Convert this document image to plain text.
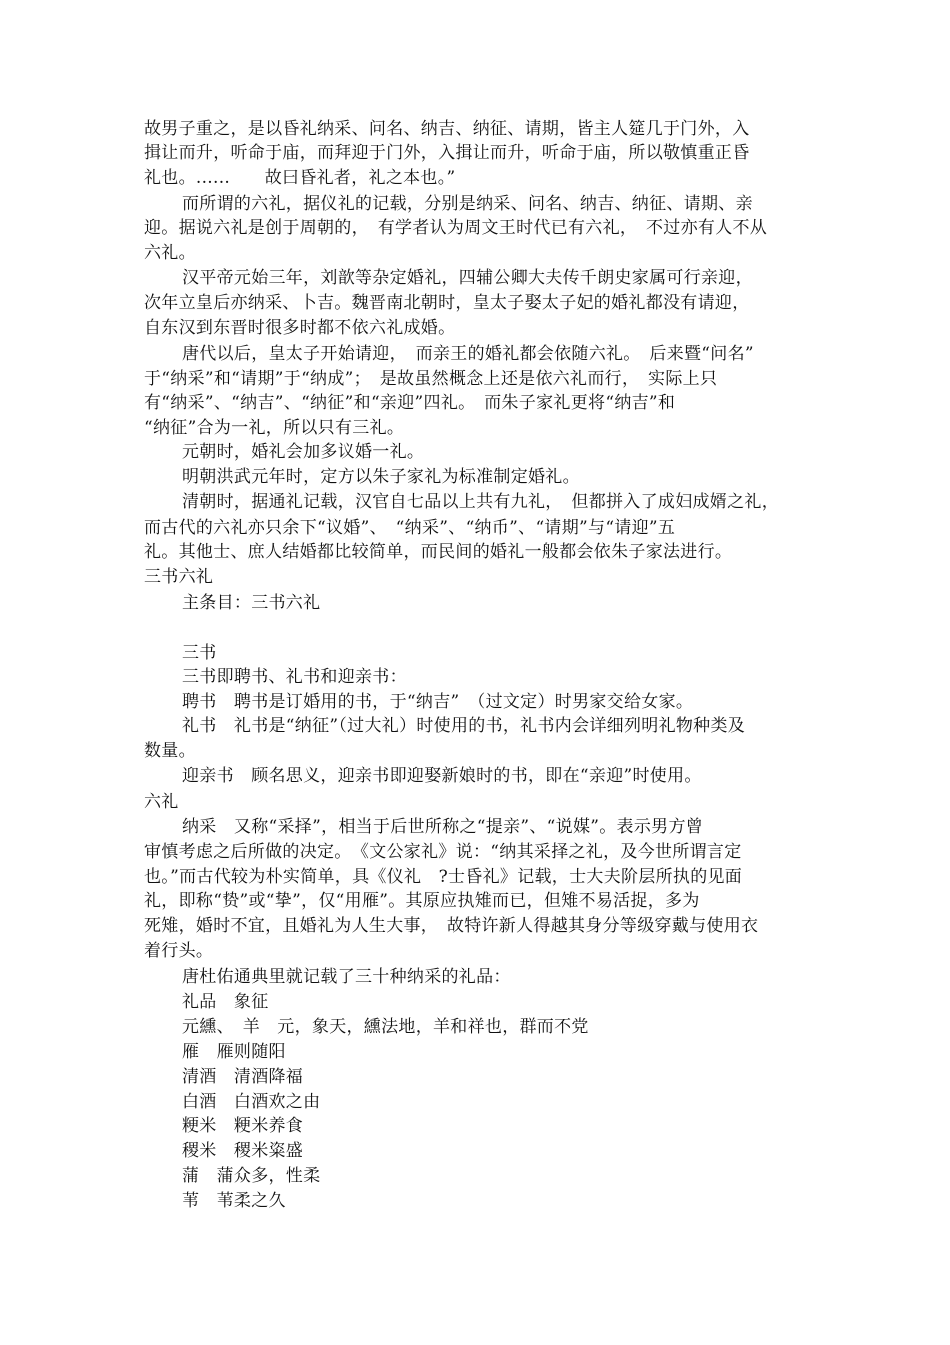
故男子重之，是以昏礼纳采、问名、纳吉、纳征、请期，皆主人筵几于门外，入
揖让而升，听命于庙，而拜迎于门外，入揖让而升，听命于庙，所以敬慎重正昏
礼也。......　　故曰昏礼者，礼之本也。”
而所谓的六礼，据仪礼的记载，分别是纳采、问名、纳吉、纳征、请期、亲
迎。据说六礼是创于周朝的，　有学者认为周文王时代已有六礼，　不过亦有人不从
六礼。
汉平帝元始三年，刘歆等杂定婚礼，四辅公卿大夫传千朗史家属可行亲迎，
次年立皇后亦纳采、卜吉。魏晋南北朝时，皇太子娶太子妃的婚礼都没有请迎，
自东汉到东晋时很多时都不依六礼成婚。
唐代以后，皇太子开始请迎，　而亲王的婚礼都会依随六礼。　后来暨“问名”
于“纳采”和“请期”于“纳成”；　是故虽然概念上还是依六礼而行，　实际上只
有“纳采”、“纳吉”、“纳征”和“亲迎”四礼。　而朱子家礼更将“纳吉”和
“纳征”合为一礼，所以只有三礼。
元朝时，婚礼会加多议婚一礼。
明朝洪武元年时，定方以朱子家礼为标准制定婚礼。
清朝时，据通礼记载，汉官自七品以上共有九礼，　但都拼入了成妇成婿之礼，
而古代的六礼亦只余下“议婚”、　“纳采”、“纳币”、“请期”与“请迎”五
礼。其他士、庶人结婚都比较简单，而民间的婚礼一般都会依朱子家法进行。
三书六礼
主条目：三书六礼
三书
三书即聘书、礼书和迎亲书：
聘书　聘书是订婚用的书，于“纳吉”　（过文定）时男家交给女家。
礼书　礼书是“纳征”（过大礼）时使用的书，礼书内会详细列明礼物种类及
数量。
迎亲书　顾名思义，迎亲书即迎娶新娘时的书，即在“亲迎”时使用。
六礼
纳采　又称“采择”，相当于后世所称之“提亲”、“说媒”。表示男方曾
审慎考虑之后所做的决定。　《文公家礼》说：“纳其采择之礼，及今世所谓言定
也。”而古代较为朴实简单，具《仪礼　?士昏礼》记载，士大夫阶层所执的见面
礼，即称“贽”或“挚”，仅“用雁”。其原应执雉而已，但雉不易活捉，多为
死雉，婚时不宜，且婚礼为人生大事，　故特许新人得越其身分等级穿戴与使用衣
着行头。
唐杜佑通典里就记载了三十种纳采的礼品：
礼品　象征
元纁、　羊　元，象天，纁法地，羊和祥也，群而不党
雁　雁则随阳
清酒　清酒降福
白酒　白酒欢之由
粳米　粳米养食
稷米　稷米粢盛
蒲　蒲众多，性柔
苇　苇柔之久
